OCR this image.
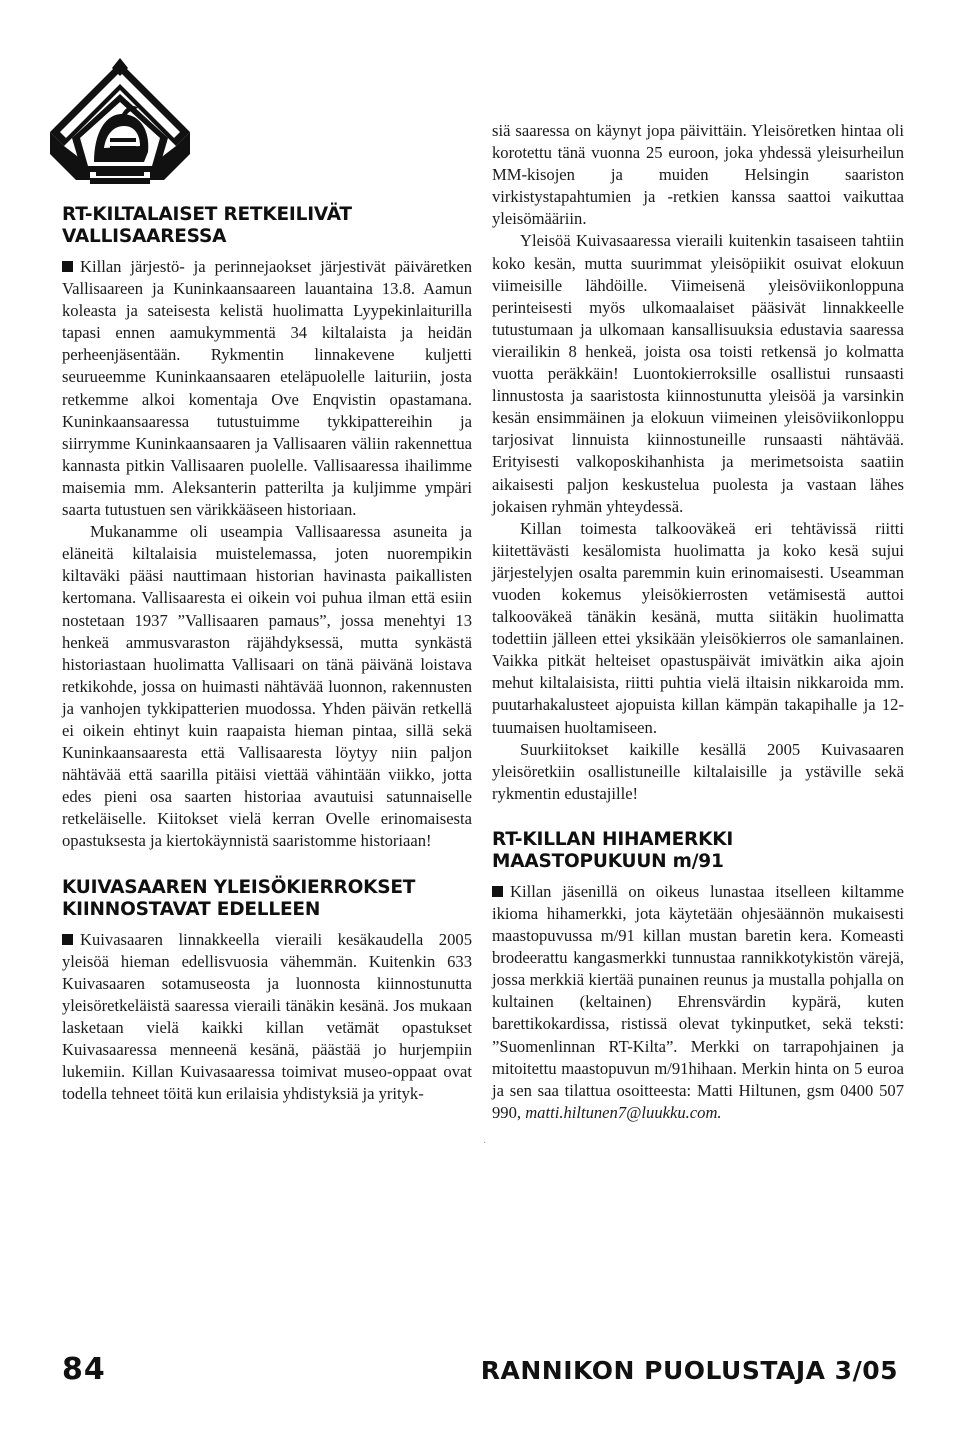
RT-KILTALAISET RETKEILIVÄT
VALLISAARESSA

Killan järjestö- ja perinnejaokset järjestivät päiväretken Vallisaareen ja Kuninkaansaareen lauantaina 13.8. Aamun koleasta ja sateisesta kelistä huolimatta Lyypekinlaiturilla tapasi ennen aamukymmentä 34 kiltalaista ja heidän perheenjäsentään. Rykmentin linnakevene kuljetti seurueemme Kuninkaansaaren eteläpuolelle laituriin, josta retkemme alkoi komentaja Ove Enqvistin opastamana. Kuninkaansaaressa tutustuimme tykkipattereihin ja siirrymme Kuninkaansaaren ja Vallisaaren väliin rakennettua kannasta pitkin Vallisaaren puolelle. Vallisaaressa ihailimme maisemia mm. Aleksanterin patterilta ja kuljimme ympäri saarta tutustuen sen värikkääseen historiaan.

Mukanamme oli useampia Vallisaaressa asuneita ja eläneitä kiltalaisia muistelemassa, joten nuorempikin kiltaväki pääsi nauttimaan historian havinasta paikallisten kertomana. Vallisaaresta ei oikein voi puhua ilman että esiin nostetaan 1937 ”Vallisaaren pamaus”, jossa menehtyi 13 henkeä ammusvaraston räjähdyksessä, mutta synkästä historiastaan huolimatta Vallisaari on tänä päivänä loistava retkikohde, jossa on huimasti nähtävää luonnon, rakennusten ja vanhojen tykkipatterien muodossa. Yhden päivän retkellä ei oikein ehtinyt kuin raapaista hieman pintaa, sillä sekä Kuninkaansaaresta että Vallisaaresta löytyy niin paljon nähtävää että saarilla pitäisi viettää vähintään viikko, jotta edes pieni osa saarten historiaa avautuisi satunnaiselle retkeläiselle. Kiitokset vielä kerran Ovelle erinomaisesta opastuksesta ja kiertokäynnistä saaristomme historiaan!

KUIVASAAREN YLEISÖKIERROKSET
KIINNOSTAVAT EDELLEEN

Kuivasaaren linnakkeella vieraili kesäkaudella 2005 yleisöä hieman edellisvuosia vähemmän. Kuitenkin 633 Kuivasaaren sotamuseosta ja luonnosta kiinnostunutta yleisöretkeläistä saaressa vieraili tänäkin kesänä. Jos mukaan lasketaan vielä kaikki killan vetämät opastukset Kuivasaaressa menneenä kesänä, päästää jo hurjempiin lukemiin. Killan Kuivasaaressa toimivat museo-oppaat ovat todella tehneet töitä kun erilaisia yhdistyksiä ja yrityk-

siä saaressa on käynyt jopa päivittäin. Yleisöretken hintaa oli korotettu tänä vuonna 25 euroon, joka yhdessä yleisurheilun MM-kisojen ja muiden Helsingin saariston virkistystapahtumien ja -retkien kanssa saattoi vaikuttaa yleisömääriin.

Yleisöä Kuivasaaressa vieraili kuitenkin tasaiseen tahtiin koko kesän, mutta suurimmat yleisöpiikit osuivat elokuun viimeisille lähdöille. Viimeisenä yleisöviikonloppuna perinteisesti myös ulkomaalaiset pääsivät linnakkeelle tutustumaan ja ulkomaan kansallisuuksia edustavia saaressa vierailikin 8 henkeä, joista osa toisti retkensä jo kolmatta vuotta peräkkäin! Luontokierroksille osallistui runsaasti linnustosta ja saaristosta kiinnostunutta yleisöä ja varsinkin kesän ensimmäinen ja elokuun viimeinen yleisöviikonloppu tarjosivat linnuista kiinnostuneille runsaasti nähtävää. Erityisesti valkoposkihanhista ja merimetsoista saatiin aikaisesti paljon keskustelua puolesta ja vastaan lähes jokaisen ryhmän yhteydessä.

Killan toimesta talkooväkeä eri tehtävissä riitti kiitettävästi kesälomista huolimatta ja koko kesä sujui järjestelyjen osalta paremmin kuin erinomaisesti. Useamman vuoden kokemus yleisökierrosten vetämisestä auttoi talkooväkeä tänäkin kesänä, mutta siitäkin huolimatta todettiin jälleen ettei yksikään yleisökierros ole samanlainen. Vaikka pitkät helteiset opastuspäivät imivätkin aika ajoin mehut kiltalaisista, riitti puhtia vielä iltaisin nikkaroida mm. puutarhakalusteet ajopuista killan kämpän takapihalle ja 12-tuumaisen huoltamiseen.

Suurkiitokset kaikille kesällä 2005 Kuivasaaren yleisöretkiin osallistuneille kiltalaisille ja ystäville sekä rykmentin edustajille!

RT-KILLAN HIHAMERKKI
MAASTOPUKUUN m/91

Killan jäsenillä on oikeus lunastaa itselleen kiltamme ikioma hihamerkki, jota käytetään ohjesäännön mukaisesti maastopuvussa m/91 killan mustan baretin kera. Komeasti brodeerattu kangasmerkki tunnustaa rannikkotykistön värejä, jossa merkkiä kiertää punainen reunus ja mustalla pohjalla on kultainen (keltainen) Ehrensvärdin kypärä, kuten barettikokardissa, ristissä olevat tykinputket, sekä teksti: ”Suomenlinnan RT-Kilta”. Merkki on tarrapohjainen ja mitoitettu maastopuvun m/91hihaan. Merkin hinta on 5 euroa ja sen saa tilattua osoitteesta: Matti Hiltunen, gsm 0400 507 990, matti.hiltunen7@luukku.com.

·
84	RANNIKON PUOLUSTAJA 3/05
